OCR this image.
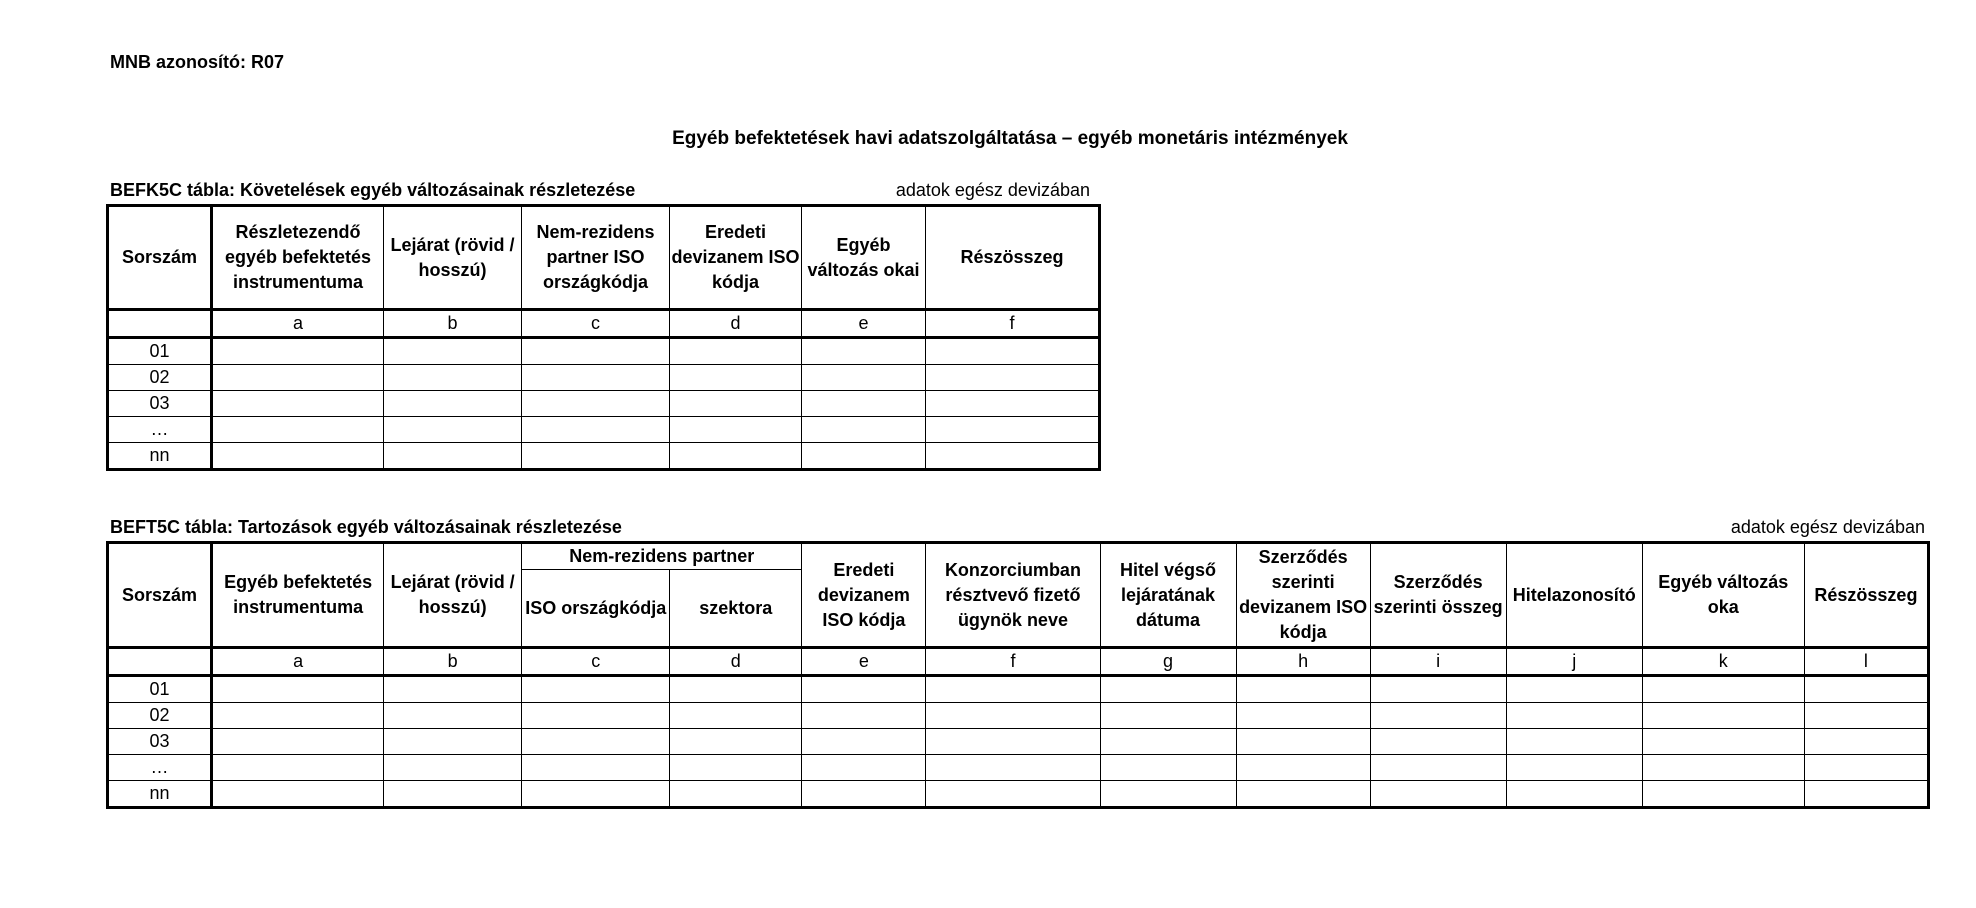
MNB azonosító: R07
Egyéb befektetések havi adatszolgáltatása – egyéb monetáris intézmények
BEFK5C tábla: Követelések egyéb változásainak részletezése	adatok egész devizában
Sorszám	Részletezendő egyéb befektetés instrumentuma	Lejárat (rövid / hosszú)	Nem-rezidens partner ISO országkódja	Eredeti devizanem ISO kódja	Egyéb változás okai	Részösszeg
	a	b	c	d	e	f
01						
02						
03						
…						
nn						
BEFT5C tábla: Tartozások egyéb változásainak részletezése	adatok egész devizában
Sorszám	Egyéb befektetés instrumentuma	Lejárat (rövid / hosszú)	Nem-rezidens partner		Eredeti devizanem ISO kódja	Konzorciumban résztvevő fizető ügynök neve	Hitel végső lejáratának dátuma	Szerződés szerinti devizanem ISO kódja	Szerződés szerinti összeg	Hitelazonosító	Egyéb változás oka	Részösszeg
			ISO országkódja	szektora								
	a	b	c	d	e	f	g	h	i	j	k	l
01												
02												
03												
…												
nn												
